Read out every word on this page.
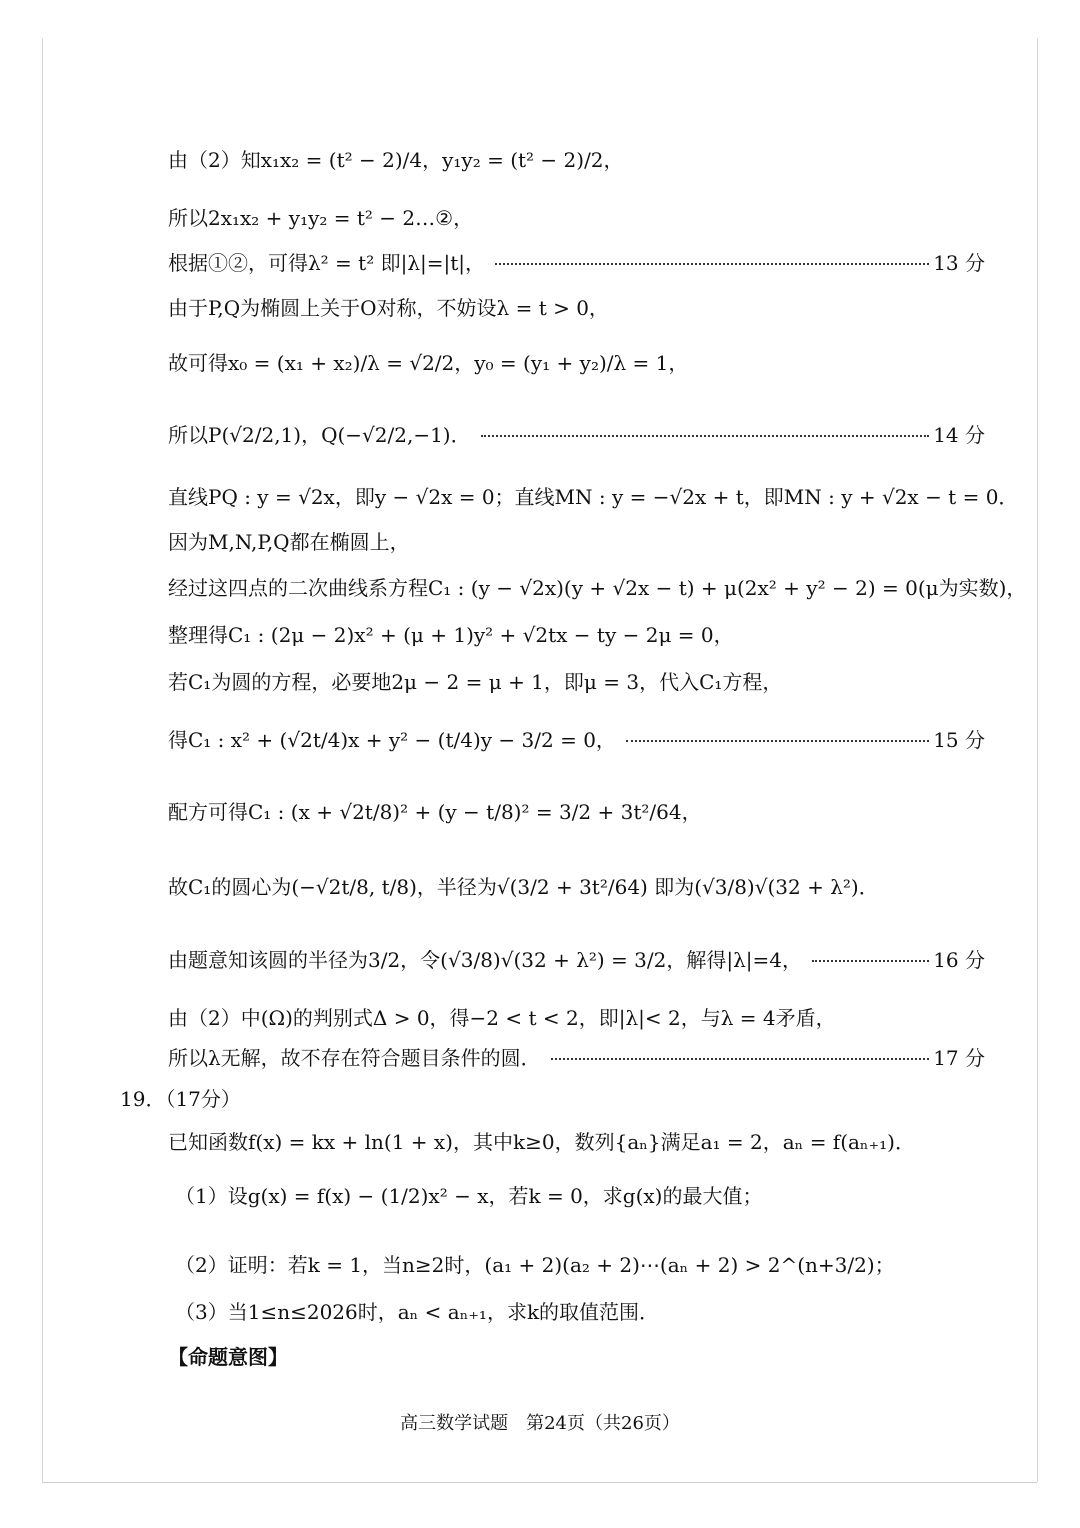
由（2）知x₁x₂ = (t² − 2)/4，y₁y₂ = (t² − 2)/2，
所以2x₁x₂ + y₁y₂ = t² − 2…②，
根据①②，可得λ² = t² 即|λ|=|t|，	13 分
由于P,Q为椭圆上关于O对称，不妨设λ = t > 0，
故可得x₀ = (x₁ + x₂)/λ = √2/2，y₀ = (y₁ + y₂)/λ = 1，
所以P(√2/2,1)，Q(−√2/2,−1)．	14 分
直线PQ : y = √2x，即y − √2x = 0；直线MN : y = −√2x + t，即MN : y + √2x − t = 0．
因为M,N,P,Q都在椭圆上，
经过这四点的二次曲线系方程C₁ : (y − √2x)(y + √2x − t) + μ(2x² + y² − 2) = 0(μ为实数)，
整理得C₁ : (2μ − 2)x² + (μ + 1)y² + √2tx − ty − 2μ = 0，
若C₁为圆的方程，必要地2μ − 2 = μ + 1，即μ = 3，代入C₁方程，
得C₁ : x² + (√2t/4)x + y² − (t/4)y − 3/2 = 0，	15 分
配方可得C₁ : (x + √2t/8)² + (y − t/8)² = 3/2 + 3t²/64，
故C₁的圆心为(−√2t/8, t/8)，半径为√(3/2 + 3t²/64) 即为(√3/8)√(32 + λ²)．
由题意知该圆的半径为3/2，令(√3/8)√(32 + λ²) = 3/2，解得|λ|=4，	16 分
由（2）中(Ω)的判别式Δ > 0，得−2 < t < 2，即|λ|< 2，与λ = 4矛盾，
所以λ无解，故不存在符合题目条件的圆．	17 分
19．（17分）
已知函数f(x) = kx + ln(1 + x)，其中k≥0，数列{aₙ}满足a₁ = 2，aₙ = f(aₙ₊₁)．
（1）设g(x) = f(x) − (1/2)x² − x，若k = 0，求g(x)的最大值；
（2）证明：若k = 1，当n≥2时，(a₁ + 2)(a₂ + 2)⋯(aₙ + 2) > 2^(n+3/2)；
（3）当1≤n≤2026时，aₙ < aₙ₊₁，求k的取值范围．
【命题意图】
高三数学试题　第24页（共26页）
